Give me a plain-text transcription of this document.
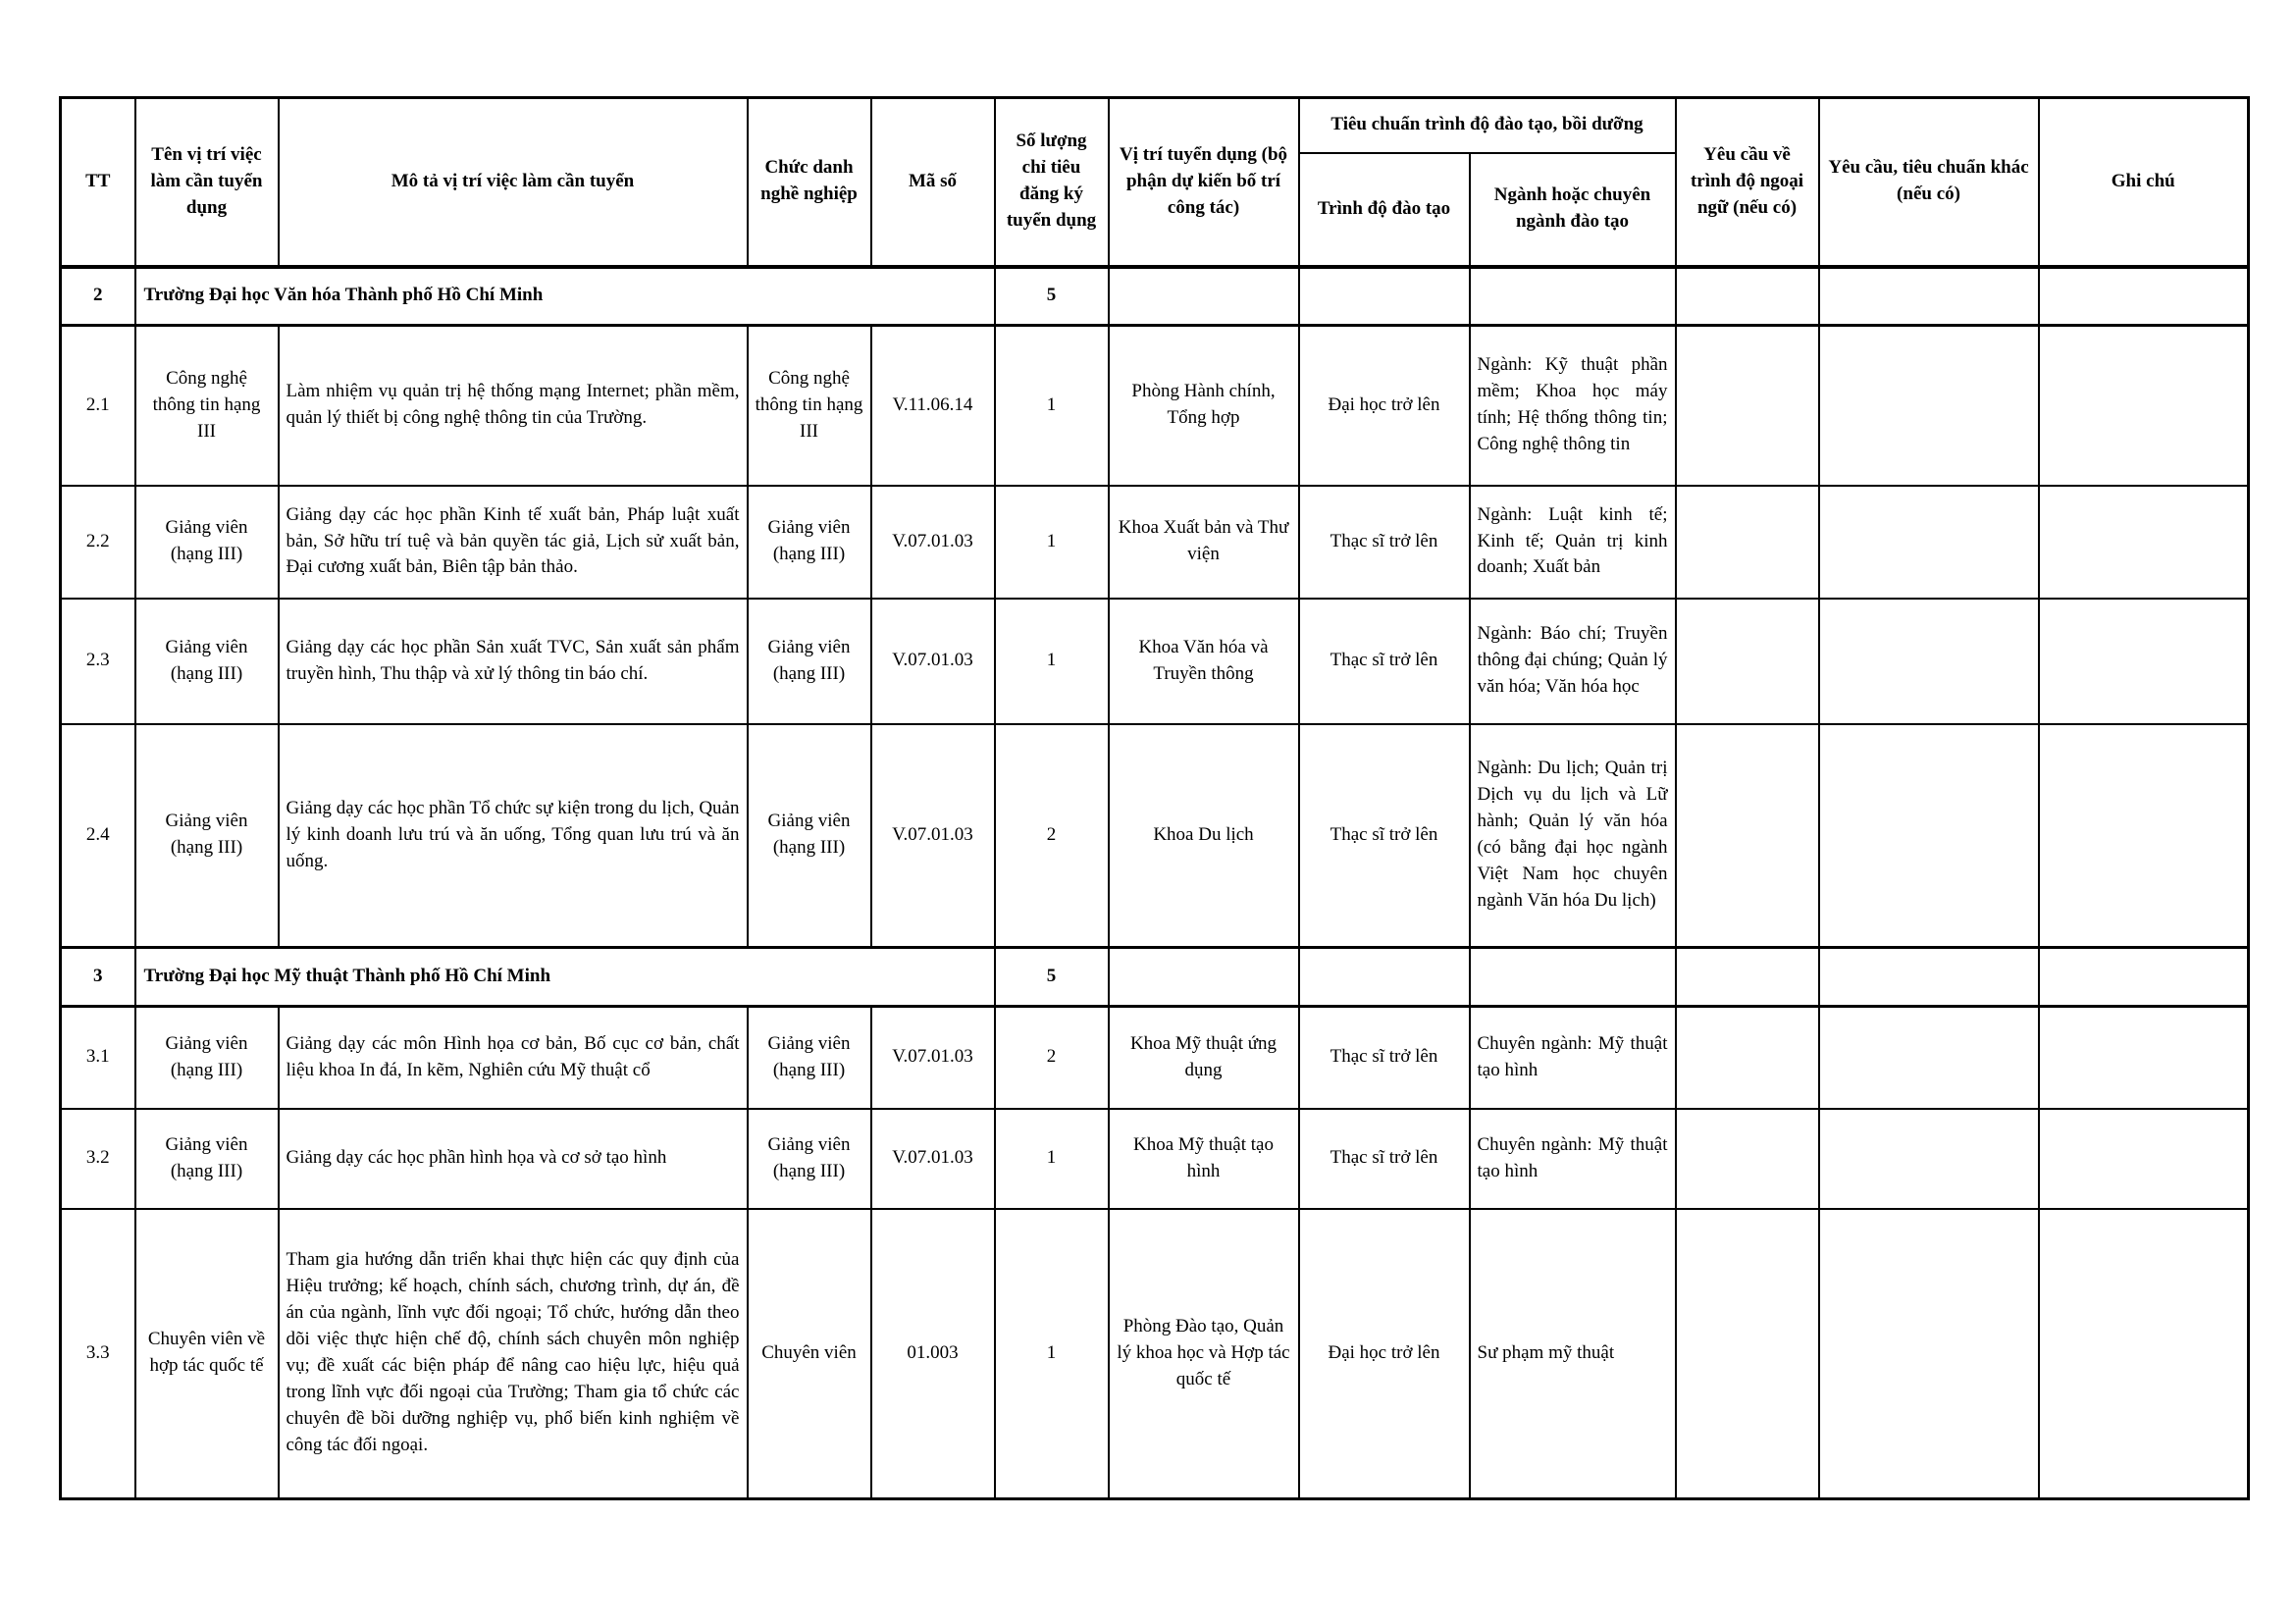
TT	Tên vị trí việc làm cần tuyển dụng	Mô tả vị trí việc làm cần tuyển	Chức danh nghề nghiệp	Mã số	Số lượng chỉ tiêu đăng ký tuyển dụng	Vị trí tuyển dụng (bộ phận dự kiến bố trí công tác)	Tiêu chuẩn trình độ đào tạo, bồi dưỡng		Yêu cầu về trình độ ngoại ngữ (nếu có)	Yêu cầu, tiêu chuẩn khác (nếu có)	Ghi chú
							Trình độ đào tạo	Ngành hoặc chuyên ngành đào tạo			
2	Trường Đại học Văn hóa Thành phố Hồ Chí Minh				5						
2.1	Công nghệ thông tin hạng III	Làm nhiệm vụ quản trị hệ thống mạng Internet; phần mềm, quản lý thiết bị công nghệ thông tin của Trường.	Công nghệ thông tin hạng III	V.11.06.14	1	Phòng Hành chính, Tổng hợp	Đại học trở lên	Ngành: Kỹ thuật phần mềm; Khoa học máy tính; Hệ thống thông tin; Công nghệ thông tin			
2.2	Giảng viên (hạng III)	Giảng dạy các học phần Kinh tế xuất bản, Pháp luật xuất bản, Sở hữu trí tuệ và bản quyền tác giả, Lịch sử xuất bản, Đại cương xuất bản, Biên tập bản thảo.	Giảng viên (hạng III)	V.07.01.03	1	Khoa Xuất bản và Thư viện	Thạc sĩ trở lên	Ngành: Luật kinh tế; Kinh tế; Quản trị kinh doanh; Xuất bản			
2.3	Giảng viên (hạng III)	Giảng dạy các học phần Sản xuất TVC, Sản xuất sản phẩm truyền hình, Thu thập và xử lý thông tin báo chí.	Giảng viên (hạng III)	V.07.01.03	1	Khoa Văn hóa và Truyền thông	Thạc sĩ trở lên	Ngành: Báo chí; Truyền thông đại chúng; Quản lý văn hóa; Văn hóa học			
2.4	Giảng viên (hạng III)	Giảng dạy các học phần Tổ chức sự kiện trong du lịch, Quản lý kinh doanh lưu trú và ăn uống, Tổng quan lưu trú và ăn uống.	Giảng viên (hạng III)	V.07.01.03	2	Khoa Du lịch	Thạc sĩ trở lên	Ngành: Du lịch; Quản trị Dịch vụ du lịch và Lữ hành; Quản lý văn hóa (có bằng đại học ngành Việt Nam học chuyên ngành Văn hóa Du lịch)			
3	Trường Đại học Mỹ thuật Thành phố Hồ Chí Minh				5						
3.1	Giảng viên (hạng III)	Giảng dạy các môn Hình họa cơ bản, Bố cục cơ bản, chất liệu khoa In đá, In kẽm, Nghiên cứu Mỹ thuật cổ	Giảng viên (hạng III)	V.07.01.03	2	Khoa Mỹ thuật ứng dụng	Thạc sĩ trở lên	Chuyên ngành: Mỹ thuật tạo hình			
3.2	Giảng viên (hạng III)	Giảng dạy các học phần hình họa và cơ sở tạo hình	Giảng viên (hạng III)	V.07.01.03	1	Khoa Mỹ thuật tạo hình	Thạc sĩ trở lên	Chuyên ngành: Mỹ thuật tạo hình			
3.3	Chuyên viên về hợp tác quốc tế	Tham gia hướng dẫn triển khai thực hiện các quy định của Hiệu trưởng; kế hoạch, chính sách, chương trình, dự án, đề án của ngành, lĩnh vực đối ngoại; Tổ chức, hướng dẫn theo dõi việc thực hiện chế độ, chính sách chuyên môn nghiệp vụ; đề xuất các biện pháp để nâng cao hiệu lực, hiệu quả trong lĩnh vực đối ngoại của Trường; Tham gia tổ chức các chuyên đề bồi dưỡng nghiệp vụ, phổ biến kinh nghiệm về công tác đối ngoại.	Chuyên viên	01.003	1	Phòng Đào tạo, Quản lý khoa học và Hợp tác quốc tế	Đại học trở lên	Sư phạm mỹ thuật			
